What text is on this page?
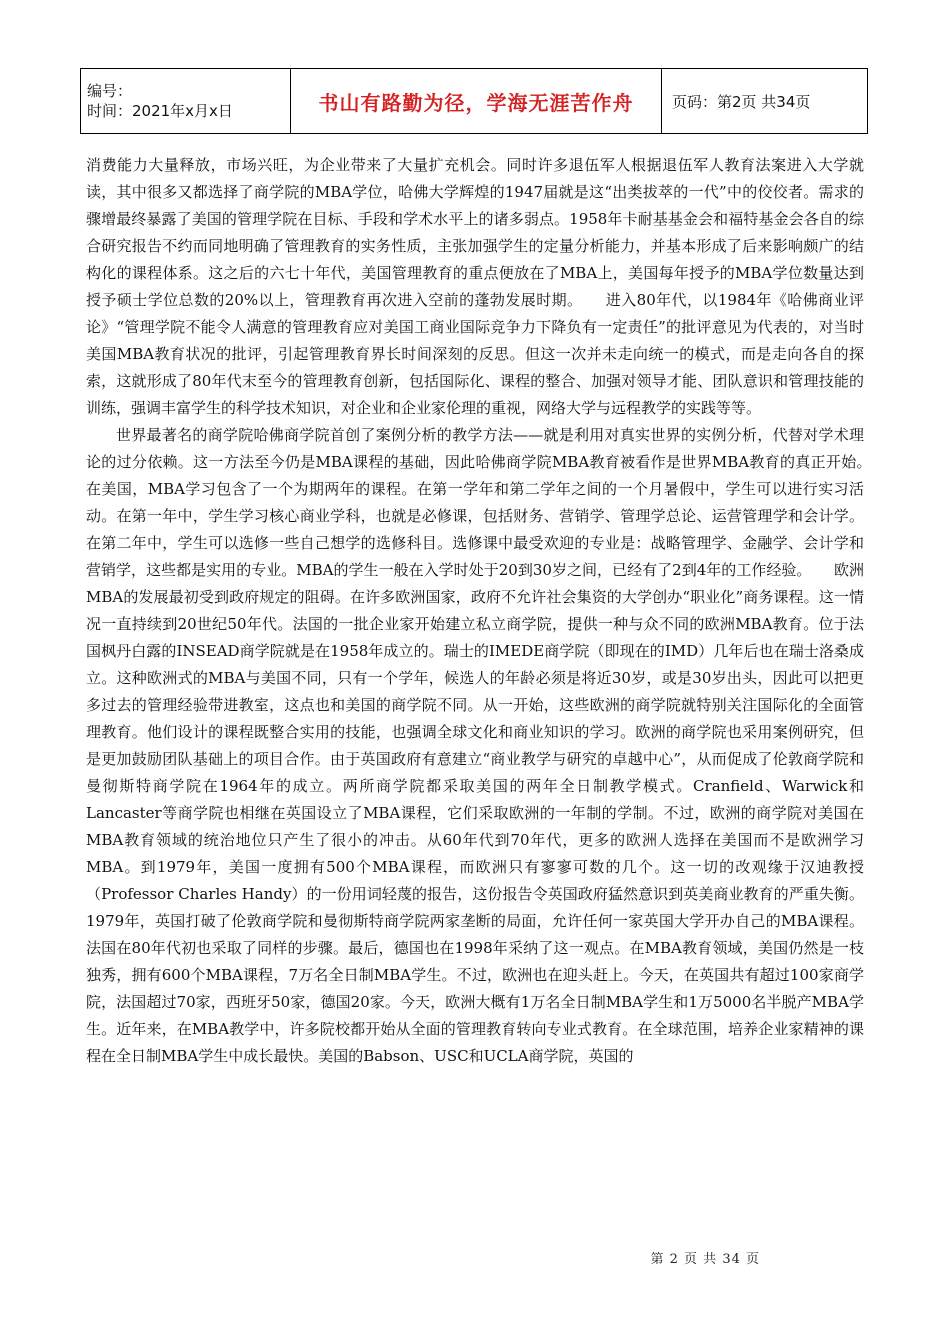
编号：
时间：2021年x月x日	书山有路勤为径，学海无涯苦作舟	页码：第2页 共34页

消费能力大量释放，市场兴旺，为企业带来了大量扩充机会。同时许多退伍军人根据退伍军人教育法案进入大学就读，其中很多又都选择了商学院的MBA学位，哈佛大学辉煌的1947届就是这“出类拔萃的一代”中的佼佼者。需求的骤增最终暴露了美国的管理学院在目标、手段和学术水平上的诸多弱点。1958年卡耐基基金会和福特基金会各自的综合研究报告不约而同地明确了管理教育的实务性质，主张加强学生的定量分析能力，并基本形成了后来影响颇广的结构化的课程体系。这之后的六七十年代，美国管理教育的重点便放在了MBA上，美国每年授予的MBA学位数量达到授予硕士学位总数的20%以上，管理教育再次进入空前的蓬勃发展时期。　　进入80年代，以1984年《哈佛商业评论》“管理学院不能令人满意的管理教育应对美国工商业国际竞争力下降负有一定责任”的批评意见为代表的，对当时美国MBA教育状况的批评，引起管理教育界长时间深刻的反思。但这一次并未走向统一的模式，而是走向各自的探索，这就形成了80年代末至今的管理教育创新，包括国际化、课程的整合、加强对领导才能、团队意识和管理技能的训练，强调丰富学生的科学技术知识，对企业和企业家伦理的重视，网络大学与远程教学的实践等等。

世界最著名的商学院哈佛商学院首创了案例分析的教学方法——就是利用对真实世界的实例分析，代替对学术理论的过分依赖。这一方法至今仍是MBA课程的基础，因此哈佛商学院MBA教育被看作是世界MBA教育的真正开始。　　在美国，MBA学习包含了一个为期两年的课程。在第一学年和第二学年之间的一个月暑假中，学生可以进行实习活动。在第一年中，学生学习核心商业学科，也就是必修课，包括财务、营销学、管理学总论、运营管理学和会计学。在第二年中，学生可以选修一些自己想学的选修科目。选修课中最受欢迎的专业是：战略管理学、金融学、会计学和营销学，这些都是实用的专业。MBA的学生一般在入学时处于20到30岁之间，已经有了2到4年的工作经验。　　欧洲MBA的发展最初受到政府规定的阻碍。在许多欧洲国家，政府不允许社会集资的大学创办“职业化”商务课程。这一情况一直持续到20世纪50年代。法国的一批企业家开始建立私立商学院，提供一种与众不同的欧洲MBA教育。位于法国枫丹白露的INSEAD商学院就是在1958年成立的。瑞士的IMEDE商学院（即现在的IMD）几年后也在瑞士洛桑成立。这种欧洲式的MBA与美国不同，只有一个学年，候选人的年龄必须是将近30岁，或是30岁出头，因此可以把更多过去的管理经验带进教室，这点也和美国的商学院不同。从一开始，这些欧洲的商学院就特别关注国际化的全面管理教育。他们设计的课程既整合实用的技能，也强调全球文化和商业知识的学习。欧洲的商学院也采用案例研究，但是更加鼓励团队基础上的项目合作。由于英国政府有意建立“商业教学与研究的卓越中心”，从而促成了伦敦商学院和曼彻斯特商学院在1964年的成立。两所商学院都采取美国的两年全日制教学模式。Cranfield、Warwick和Lancaster等商学院也相继在英国设立了MBA课程，它们采取欧洲的一年制的学制。不过，欧洲的商学院对美国在MBA教育领域的统治地位只产生了很小的冲击。从60年代到70年代，更多的欧洲人选择在美国而不是欧洲学习MBA。到1979年，美国一度拥有500个MBA课程，而欧洲只有寥寥可数的几个。这一切的改观缘于汉迪教授（Professor Charles Handy）的一份用词轻蔑的报告，这份报告令英国政府猛然意识到英美商业教育的严重失衡。1979年，英国打破了伦敦商学院和曼彻斯特商学院两家垄断的局面，允许任何一家英国大学开办自己的MBA课程。法国在80年代初也采取了同样的步骤。最后，德国也在1998年采纳了这一观点。在MBA教育领域，美国仍然是一枝独秀，拥有600个MBA课程，7万名全日制MBA学生。不过，欧洲也在迎头赶上。今天，在英国共有超过100家商学院，法国超过70家，西班牙50家，德国20家。今天，欧洲大概有1万名全日制MBA学生和1万5000名半脱产MBA学生。近年来，在MBA教学中，许多院校都开始从全面的管理教育转向专业式教育。在全球范围，培养企业家精神的课程在全日制MBA学生中成长最快。美国的Babson、USC和UCLA商学院，英国的

第 2 页 共 34 页
